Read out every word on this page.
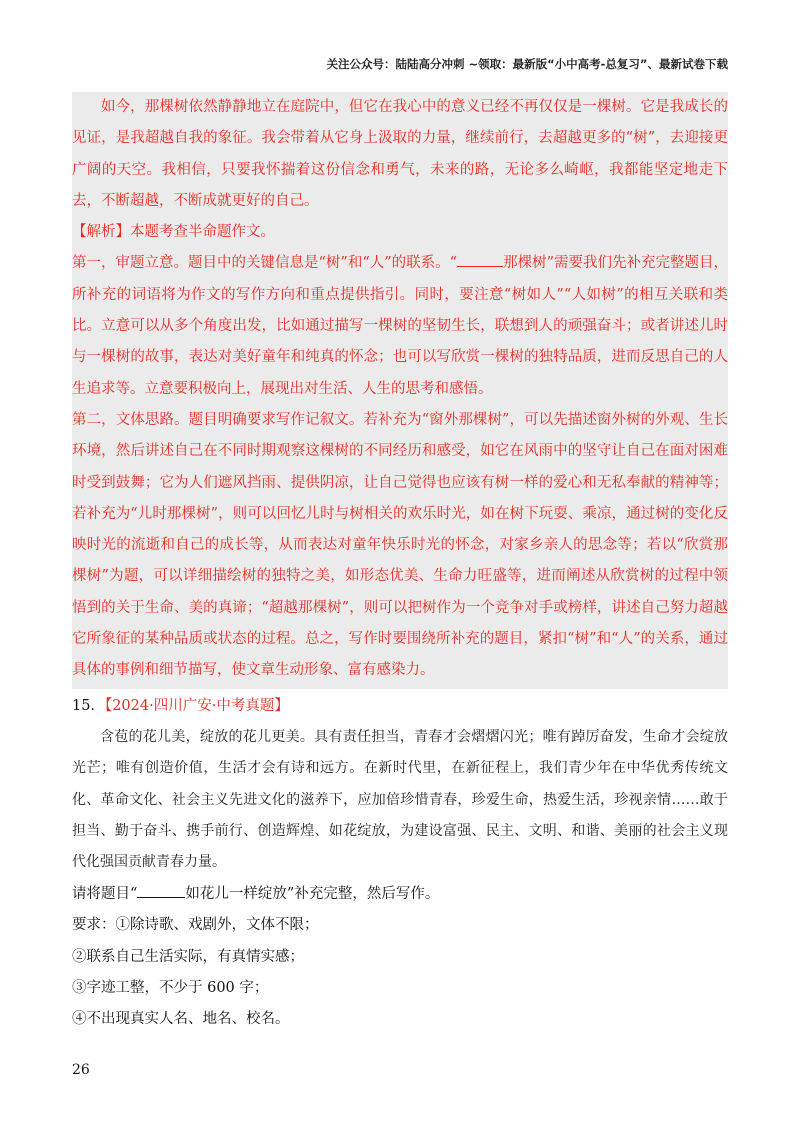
关注公众号：陆陆高分冲刺 ~领取：最新版“小中高考-总复习”、最新试卷下载

如今，那棵树依然静静地立在庭院中，但它在我心中的意义已经不再仅仅是一棵树。它是我成长的见证，是我超越自我的象征。我会带着从它身上汲取的力量，继续前行，去超越更多的“树”，去迎接更广阔的天空。我相信，只要我怀揣着这份信念和勇气，未来的路，无论多么崎岖，我都能坚定地走下去，不断超越，不断成就更好的自己。

【解析】本题考查半命题作文。

第一，审题立意。题目中的关键信息是“树”和“人”的联系。“	那棵树”需要我们先补充完整题目，所补充的词语将为作文的写作方向和重点提供指引。同时，要注意“树如人”“人如树”的相互关联和类比。立意可以从多个角度出发，比如通过描写一棵树的坚韧生长，联想到人的顽强奋斗；或者讲述儿时与一棵树的故事，表达对美好童年和纯真的怀念；也可以写欣赏一棵树的独特品质，进而反思自己的人生追求等。立意要积极向上，展现出对生活、人生的思考和感悟。

第二，文体思路。题目明确要求写作记叙文。若补充为“窗外那棵树”，可以先描述窗外树的外观、生长环境，然后讲述自己在不同时期观察这棵树的不同经历和感受，如它在风雨中的坚守让自己在面对困难时受到鼓舞；它为人们遮风挡雨、提供阴凉，让自己觉得也应该有树一样的爱心和无私奉献的精神等；若补充为“儿时那棵树”，则可以回忆儿时与树相关的欢乐时光，如在树下玩耍、乘凉，通过树的变化反映时光的流逝和自己的成长等，从而表达对童年快乐时光的怀念，对家乡亲人的思念等；若以“欣赏那棵树”为题，可以详细描绘树的独特之美，如形态优美、生命力旺盛等，进而阐述从欣赏树的过程中领悟到的关于生命、美的真谛；“超越那棵树”，则可以把树作为一个竞争对手或榜样，讲述自己努力超越它所象征的某种品质或状态的过程。总之，写作时要围绕所补充的题目，紧扣“树”和“人”的关系，通过具体的事例和细节描写，使文章生动形象、富有感染力。

15．【2024·四川广安·中考真题】

含苞的花儿美，绽放的花儿更美。具有责任担当，青春才会熠熠闪光；唯有踔厉奋发，生命才会绽放光芒；唯有创造价值，生活才会有诗和远方。在新时代里，在新征程上，我们青少年在中华优秀传统文化、革命文化、社会主义先进文化的滋养下，应加倍珍惜青春，珍爱生命，热爱生活，珍视亲情……敢于担当、勤于奋斗、携手前行、创造辉煌、如花绽放，为建设富强、民主、文明、和谐、美丽的社会主义现代化强国贡献青春力量。

请将题目“	如花儿一样绽放”补充完整，然后写作。

要求：①除诗歌、戏剧外，文体不限；

②联系自己生活实际，有真情实感；

③字迹工整，不少于 600 字；

④不出现真实人名、地名、校名。

26
